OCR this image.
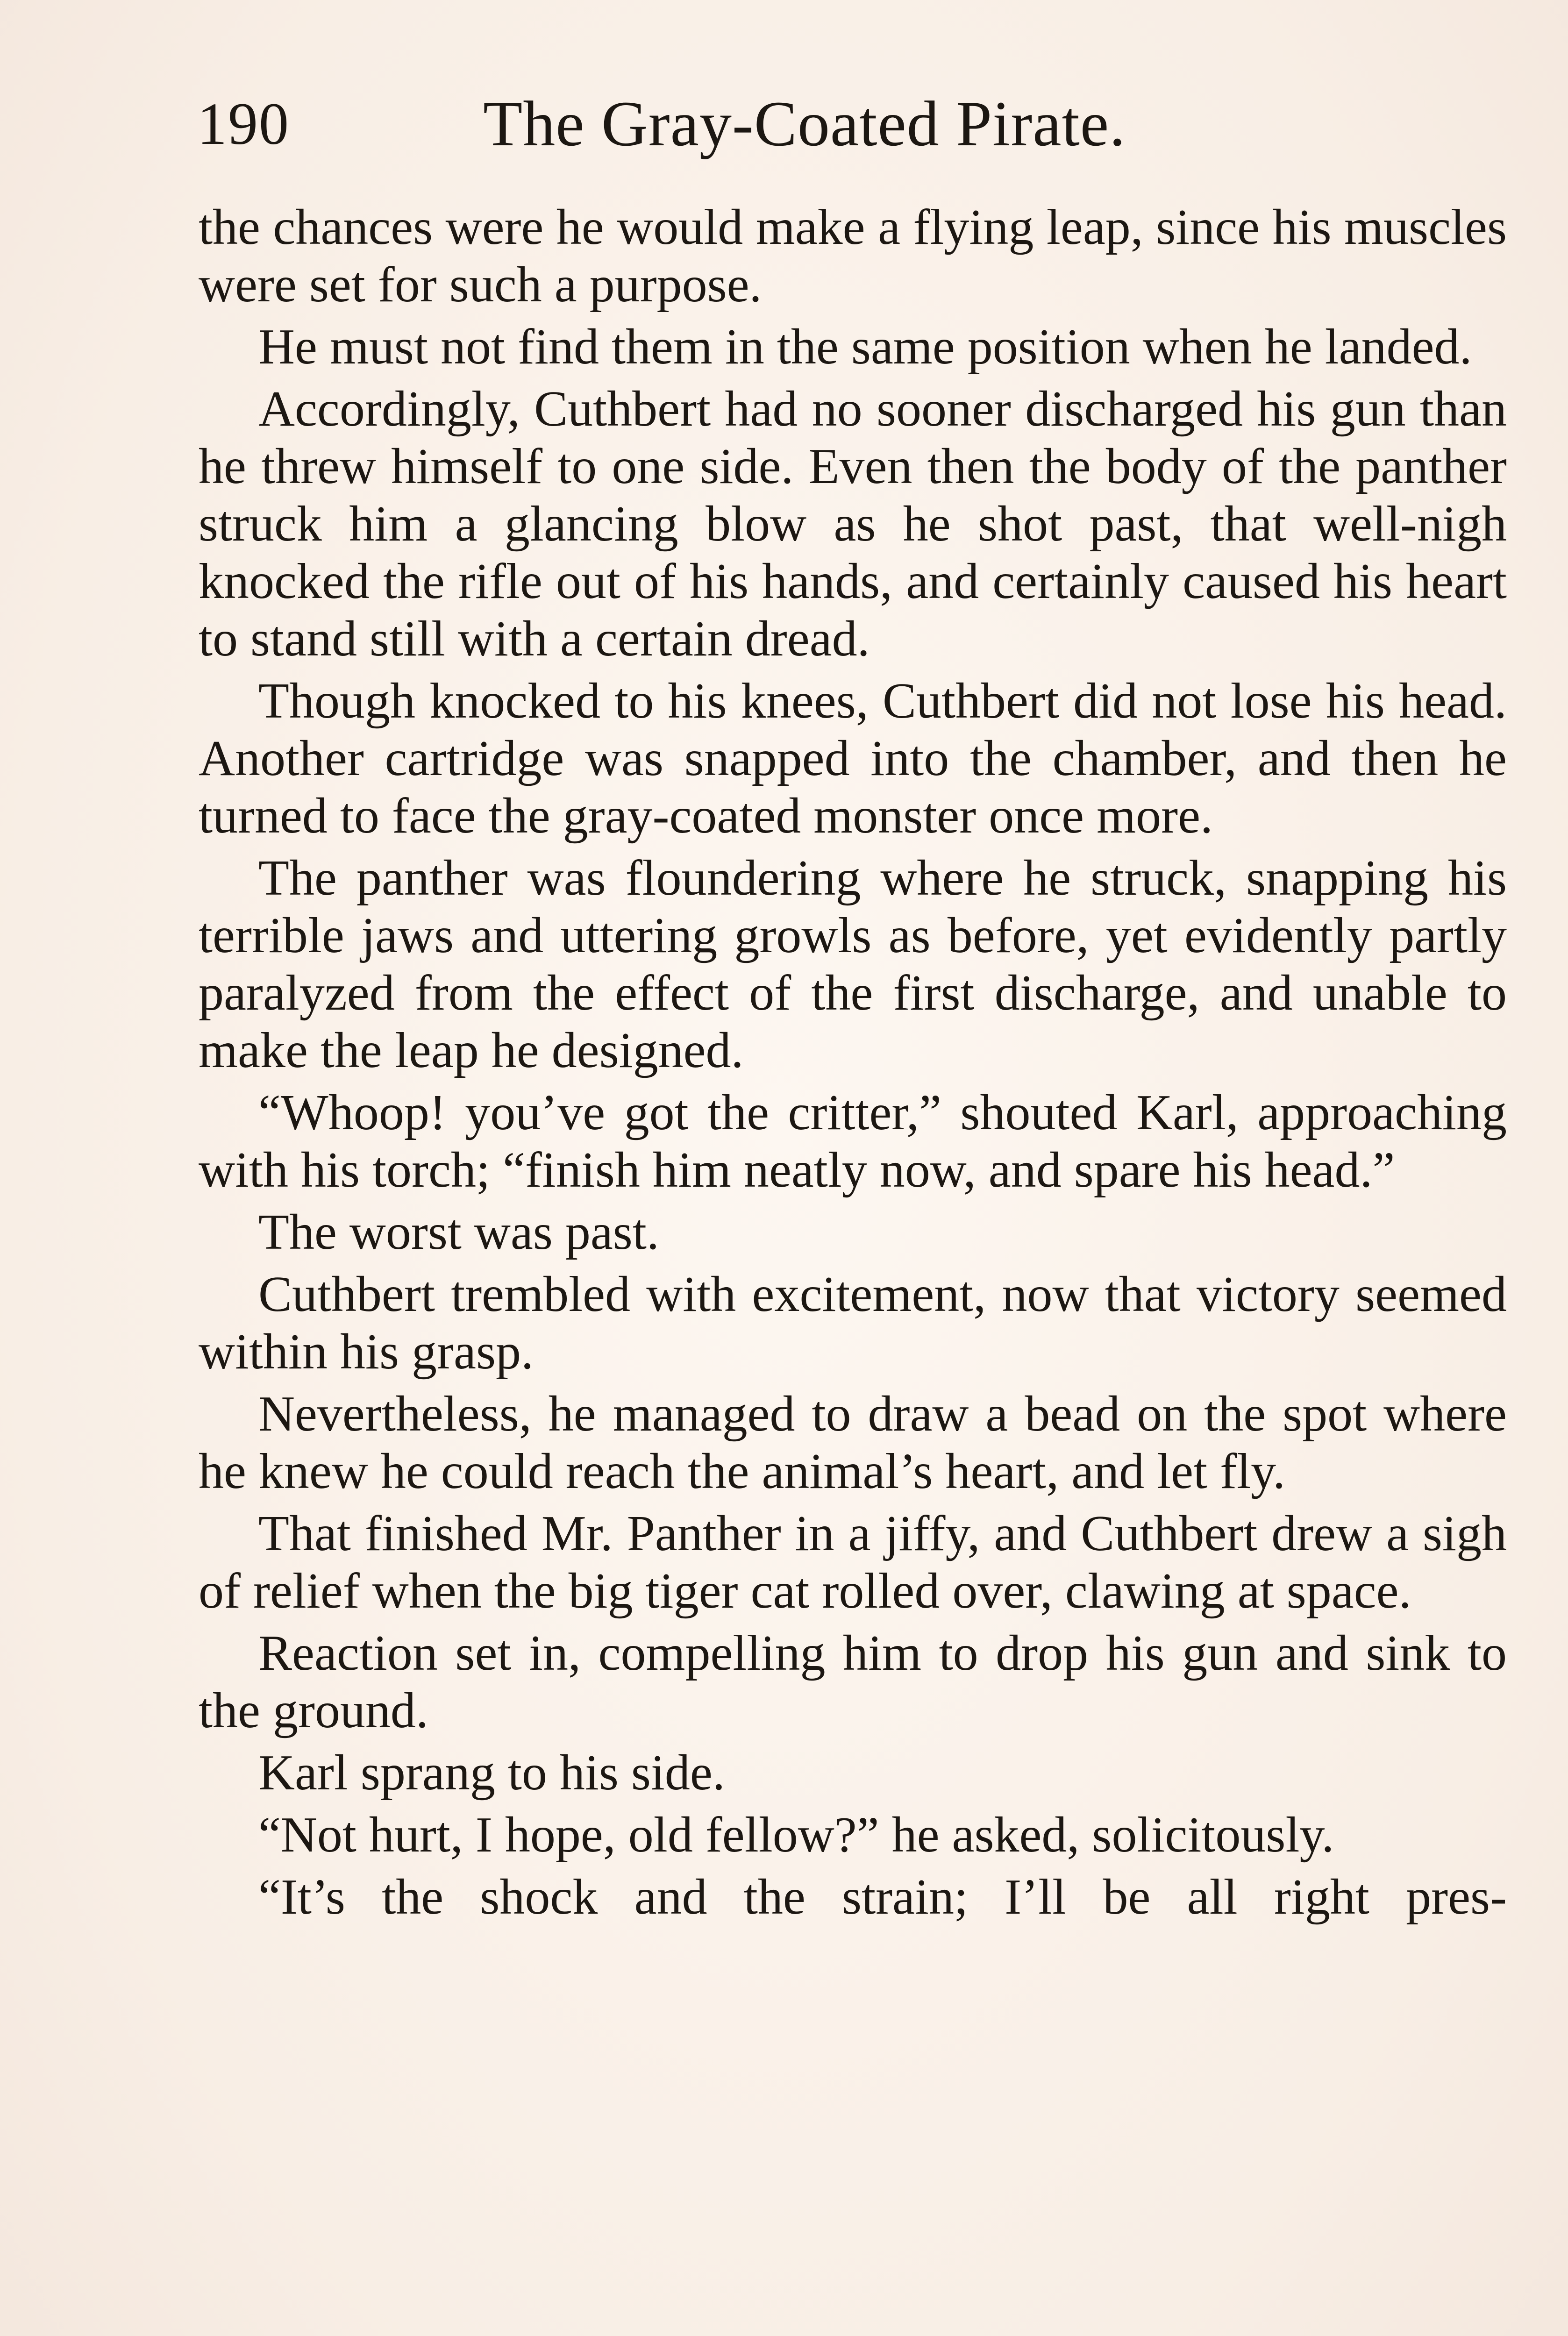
190	The Gray-Coated Pirate.

the chances were he would make a flying leap, since his muscles were set for such a purpose.

He must not find them in the same position when he landed.

Accordingly, Cuthbert had no sooner discharged his gun than he threw himself to one side. Even then the body of the panther struck him a glancing blow as he shot past, that well-nigh knocked the rifle out of his hands, and certainly caused his heart to stand still with a certain dread.

Though knocked to his knees, Cuthbert did not lose his head. Another cartridge was snapped into the chamber, and then he turned to face the gray-coated monster once more.

The panther was floundering where he struck, snapping his terrible jaws and uttering growls as before, yet evidently partly paralyzed from the effect of the first discharge, and unable to make the leap he designed.

“Whoop! you’ve got the critter,” shouted Karl, approaching with his torch; “finish him neatly now, and spare his head.”

The worst was past.

Cuthbert trembled with excitement, now that victory seemed within his grasp.

Nevertheless, he managed to draw a bead on the spot where he knew he could reach the animal’s heart, and let fly.

That finished Mr. Panther in a jiffy, and Cuthbert drew a sigh of relief when the big tiger cat rolled over, clawing at space.

Reaction set in, compelling him to drop his gun and sink to the ground.

Karl sprang to his side.

“Not hurt, I hope, old fellow?” he asked, solicitously.

“It’s the shock and the strain; I’ll be all right pres-
